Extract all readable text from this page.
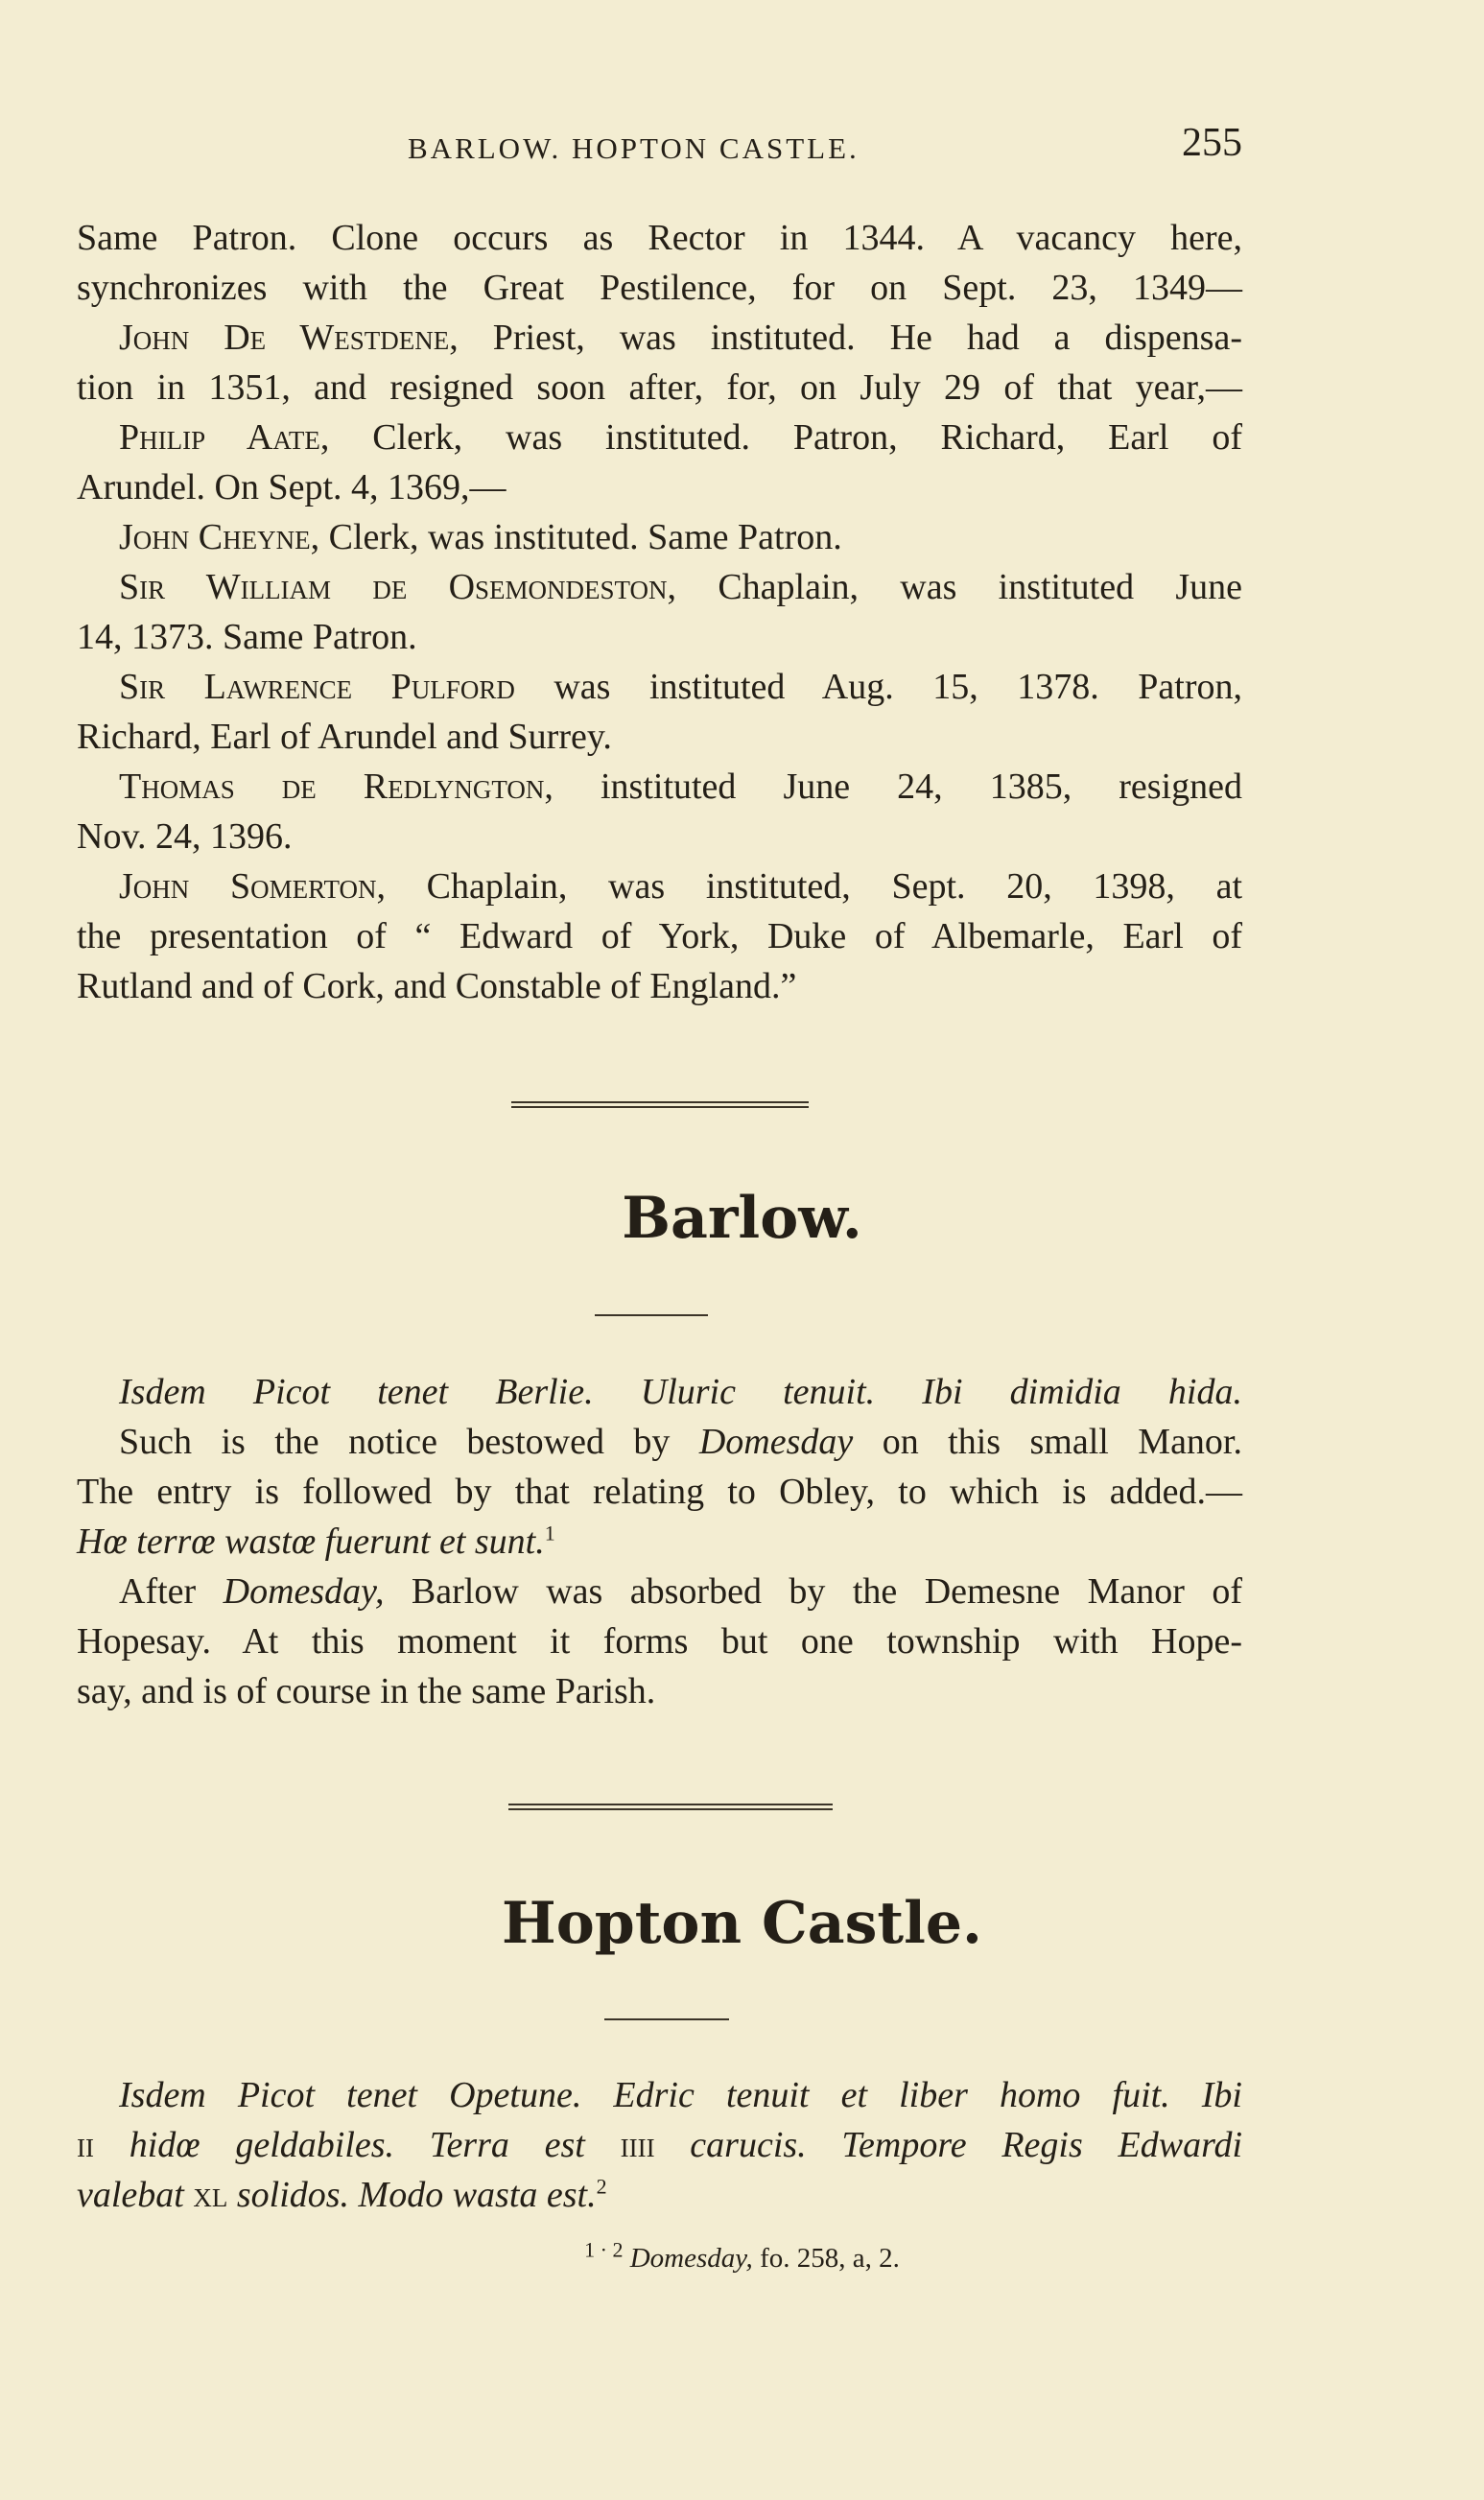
BARLOW. HOPTON CASTLE.	255
Same Patron. Clone occurs as Rector in 1344. A vacancy here,
synchronizes with the Great Pestilence, for on Sept. 23, 1349—
John De Westdene, Priest, was instituted. He had a dispensa-
tion in 1351, and resigned soon after, for, on July 29 of that year,—
Philip Aate, Clerk, was instituted. Patron, Richard, Earl of
Arundel. On Sept. 4, 1369,—
John Cheyne, Clerk, was instituted. Same Patron.
Sir William de Osemondeston, Chaplain, was instituted June
14, 1373. Same Patron.
Sir Lawrence Pulford was instituted Aug. 15, 1378. Patron,
Richard, Earl of Arundel and Surrey.
Thomas de Redlyngton, instituted June 24, 1385, resigned
Nov. 24, 1396.
John Somerton, Chaplain, was instituted, Sept. 20, 1398, at
the presentation of “ Edward of York, Duke of Albemarle, Earl of
Rutland and of Cork, and Constable of England.”
Barlow.
Isdem Picot tenet Berlie. Uluric tenuit. Ibi dimidia hida.
Such is the notice bestowed by Domesday on this small Manor.
The entry is followed by that relating to Obley, to which is added.—
Hœ terrœ wastœ fuerunt et sunt.$^1$
After Domesday, Barlow was absorbed by the Demesne Manor of
Hopesay. At this moment it forms but one township with Hope-
say, and is of course in the same Parish.
Hopton Castle.
Isdem Picot tenet Opetune. Edric tenuit et liber homo fuit. Ibi
ii hidœ geldabiles. Terra est iiii carucis. Tempore Regis Edwardi
valebat xl solidos. Modo wasta est.$^2$
$^{1 \cdot 2}$ Domesday, fo. 258, a, 2.
